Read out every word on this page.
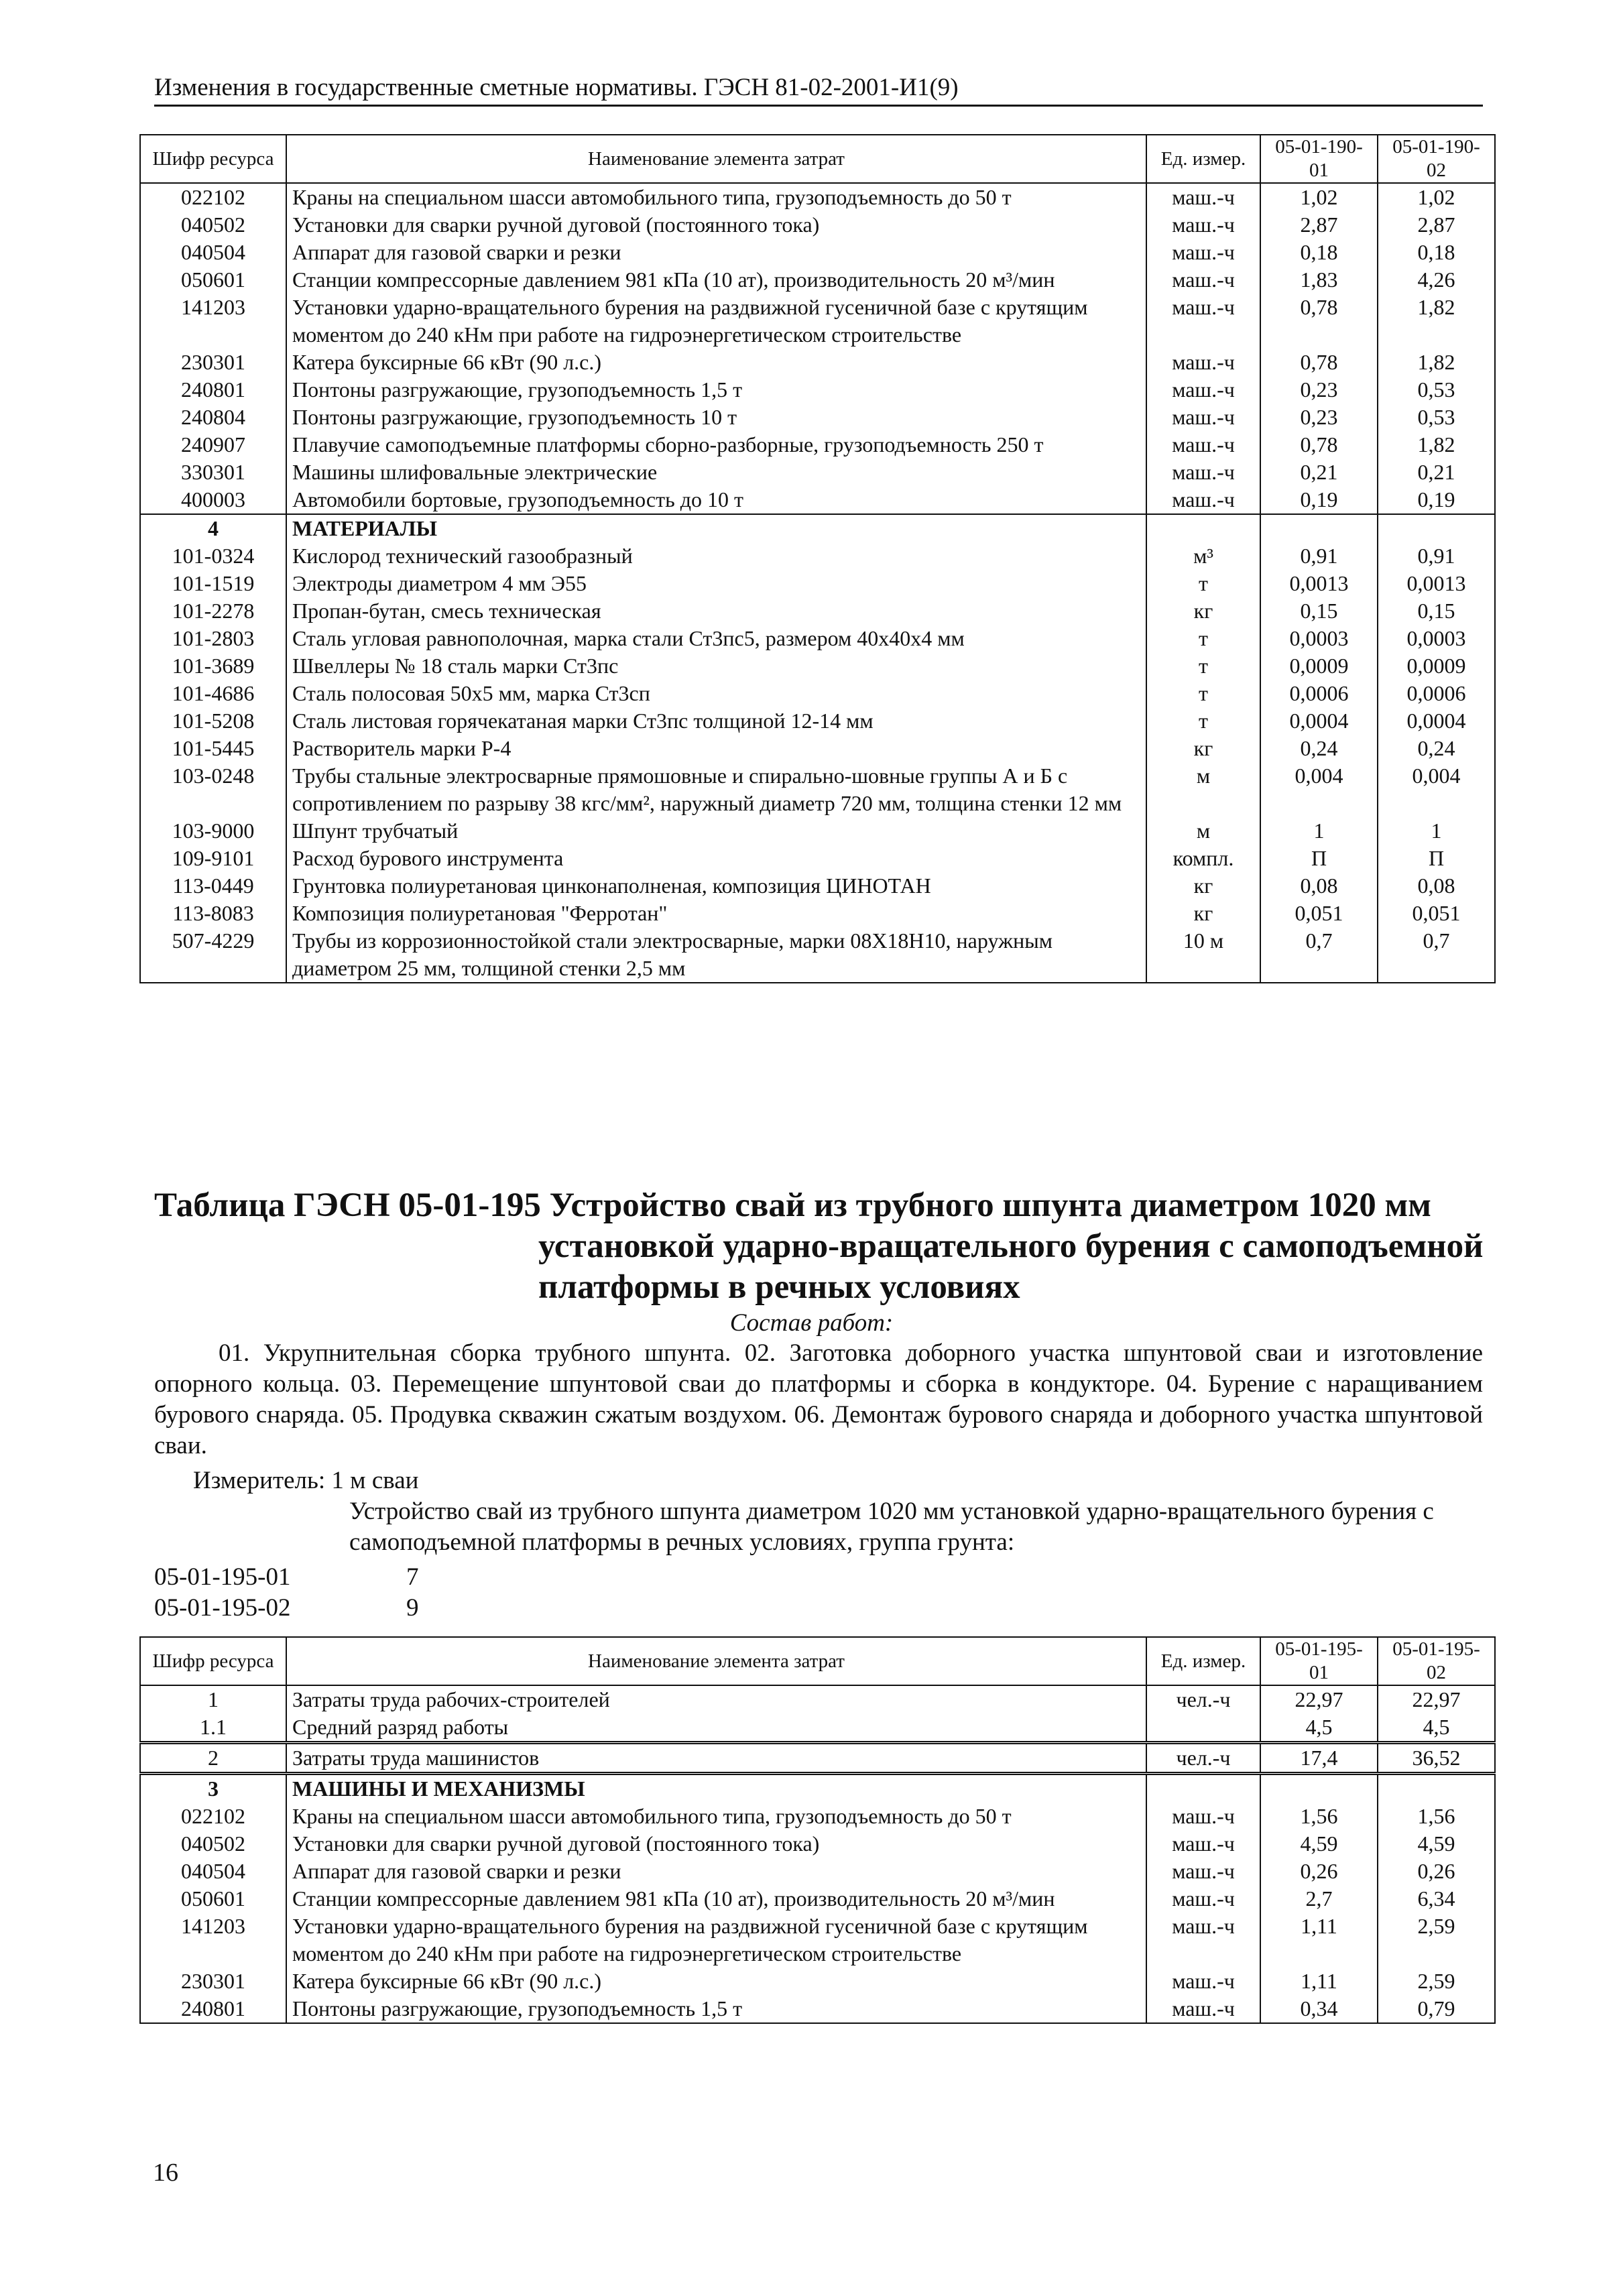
Изменения в государственные сметные нормативы. ГЭСН 81-02-2001-И1(9)
Шифр ресурса	Наименование элемента затрат	Ед. измер.	05-01-190-01	05-01-190-02
022102	Краны на специальном шасси автомобильного типа, грузоподъемность до 50 т	маш.-ч	1,02	1,02
040502	Установки для сварки ручной дуговой (постоянного тока)	маш.-ч	2,87	2,87
040504	Аппарат для газовой сварки и резки	маш.-ч	0,18	0,18
050601	Станции компрессорные давлением 981 кПа (10 ат), производительность 20 м³/мин	маш.-ч	1,83	4,26
141203	Установки ударно-вращательного бурения на раздвижной гусеничной базе с крутящим моментом до 240 кНм при работе на гидроэнергетическом строительстве	маш.-ч	0,78	1,82
230301	Катера буксирные 66 кВт (90 л.с.)	маш.-ч	0,78	1,82
240801	Понтоны разгружающие, грузоподъемность 1,5 т	маш.-ч	0,23	0,53
240804	Понтоны разгружающие, грузоподъемность 10 т	маш.-ч	0,23	0,53
240907	Плавучие самоподъемные платформы сборно-разборные, грузоподъемность 250 т	маш.-ч	0,78	1,82
330301	Машины шлифовальные электрические	маш.-ч	0,21	0,21
400003	Автомобили бортовые, грузоподъемность до 10 т	маш.-ч	0,19	0,19
4	МАТЕРИАЛЫ			
101-0324	Кислород технический газообразный	м³	0,91	0,91
101-1519	Электроды диаметром 4 мм Э55	т	0,0013	0,0013
101-2278	Пропан-бутан, смесь техническая	кг	0,15	0,15
101-2803	Сталь угловая равнополочная, марка стали Ст3пс5, размером 40х40х4 мм	т	0,0003	0,0003
101-3689	Швеллеры № 18 сталь марки Ст3пс	т	0,0009	0,0009
101-4686	Сталь полосовая 50х5 мм, марка Ст3сп	т	0,0006	0,0006
101-5208	Сталь листовая горячекатаная марки Ст3пс толщиной 12-14 мм	т	0,0004	0,0004
101-5445	Растворитель марки Р-4	кг	0,24	0,24
103-0248	Трубы стальные электросварные прямошовные и спирально-шовные группы А и Б с сопротивлением по разрыву 38 кгс/мм², наружный диаметр 720 мм, толщина стенки 12 мм	м	0,004	0,004
103-9000	Шпунт трубчатый	м	1	1
109-9101	Расход бурового инструмента	компл.	П	П
113-0449	Грунтовка полиуретановая цинконаполненая, композиция ЦИНОТАН	кг	0,08	0,08
113-8083	Композиция полиуретановая "Ферротан"	кг	0,051	0,051
507-4229	Трубы из коррозионностойкой стали электросварные, марки 08Х18Н10, наружным диаметром 25 мм, толщиной стенки 2,5 мм	10 м	0,7	0,7
Таблица ГЭСН 05-01-195 Устройство свай из трубного шпунта диаметром 1020 мм
установкой ударно-вращательного бурения с самоподъемной платформы в речных условиях
Состав работ:
01. Укрупнительная сборка трубного шпунта. 02. Заготовка доборного участка шпунтовой сваи и изготовление опорного кольца. 03. Перемещение шпунтовой сваи до платформы и сборка в кондукторе. 04. Бурение с наращиванием бурового снаряда. 05. Продувка скважин сжатым воздухом. 06. Демонтаж бурового снаряда и доборного участка шпунтовой сваи.
Измеритель: 1 м сваи
Устройство свай из трубного шпунта диаметром 1020 мм установкой ударно-вращательного бурения с самоподъемной платформы в речных условиях, группа грунта:
05-01-195-01	7
05-01-195-02	9
Шифр ресурса	Наименование элемента затрат	Ед. измер.	05-01-195-01	05-01-195-02
1	Затраты труда рабочих-строителей	чел.-ч	22,97	22,97
1.1	Средний разряд работы		4,5	4,5
2	Затраты труда машинистов	чел.-ч	17,4	36,52
3	МАШИНЫ И МЕХАНИЗМЫ			
022102	Краны на специальном шасси автомобильного типа, грузоподъемность до 50 т	маш.-ч	1,56	1,56
040502	Установки для сварки ручной дуговой (постоянного тока)	маш.-ч	4,59	4,59
040504	Аппарат для газовой сварки и резки	маш.-ч	0,26	0,26
050601	Станции компрессорные давлением 981 кПа (10 ат), производительность 20 м³/мин	маш.-ч	2,7	6,34
141203	Установки ударно-вращательного бурения на раздвижной гусеничной базе с крутящим моментом до 240 кНм при работе на гидроэнергетическом строительстве	маш.-ч	1,11	2,59
230301	Катера буксирные 66 кВт (90 л.с.)	маш.-ч	1,11	2,59
240801	Понтоны разгружающие, грузоподъемность 1,5 т	маш.-ч	0,34	0,79
16
